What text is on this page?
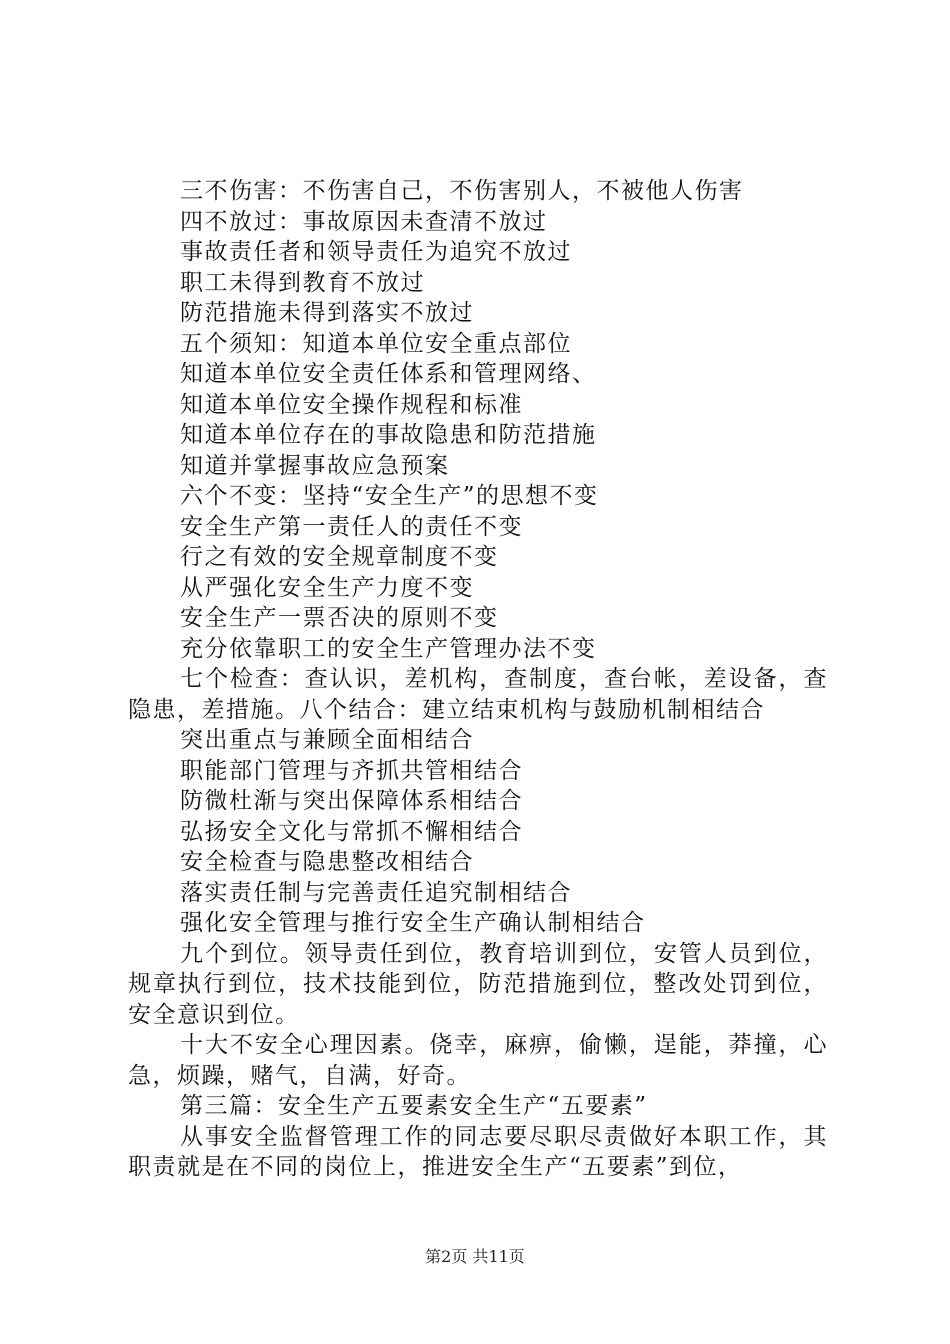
三不伤害：不伤害自己，不伤害别人，不被他人伤害

四不放过：事故原因未查清不放过

事故责任者和领导责任为追究不放过

职工未得到教育不放过

防范措施未得到落实不放过

五个须知：知道本单位安全重点部位

知道本单位安全责任体系和管理网络、

知道本单位安全操作规程和标准

知道本单位存在的事故隐患和防范措施

知道并掌握事故应急预案

六个不变：坚持“安全生产”的思想不变

安全生产第一责任人的责任不变

行之有效的安全规章制度不变

从严强化安全生产力度不变

安全生产一票否决的原则不变

充分依靠职工的安全生产管理办法不变

七个检查：查认识，差机构，查制度，查台帐，差设备，查隐患，差措施。八个结合：建立结束机构与鼓励机制相结合

突出重点与兼顾全面相结合

职能部门管理与齐抓共管相结合

防微杜渐与突出保障体系相结合

弘扬安全文化与常抓不懈相结合

安全检查与隐患整改相结合

落实责任制与完善责任追究制相结合

强化安全管理与推行安全生产确认制相结合

九个到位。领导责任到位，教育培训到位，安管人员到位，规章执行到位，技术技能到位，防范措施到位，整改处罚到位，安全意识到位。

十大不安全心理因素。侥幸，麻痹，偷懒，逞能，莽撞，心急，烦躁，赌气，自满，好奇。

第三篇：安全生产五要素安全生产“五要素”

从事安全监督管理工作的同志要尽职尽责做好本职工作，其职责就是在不同的岗位上，推进安全生产“五要素”到位，

第2页 共11页
